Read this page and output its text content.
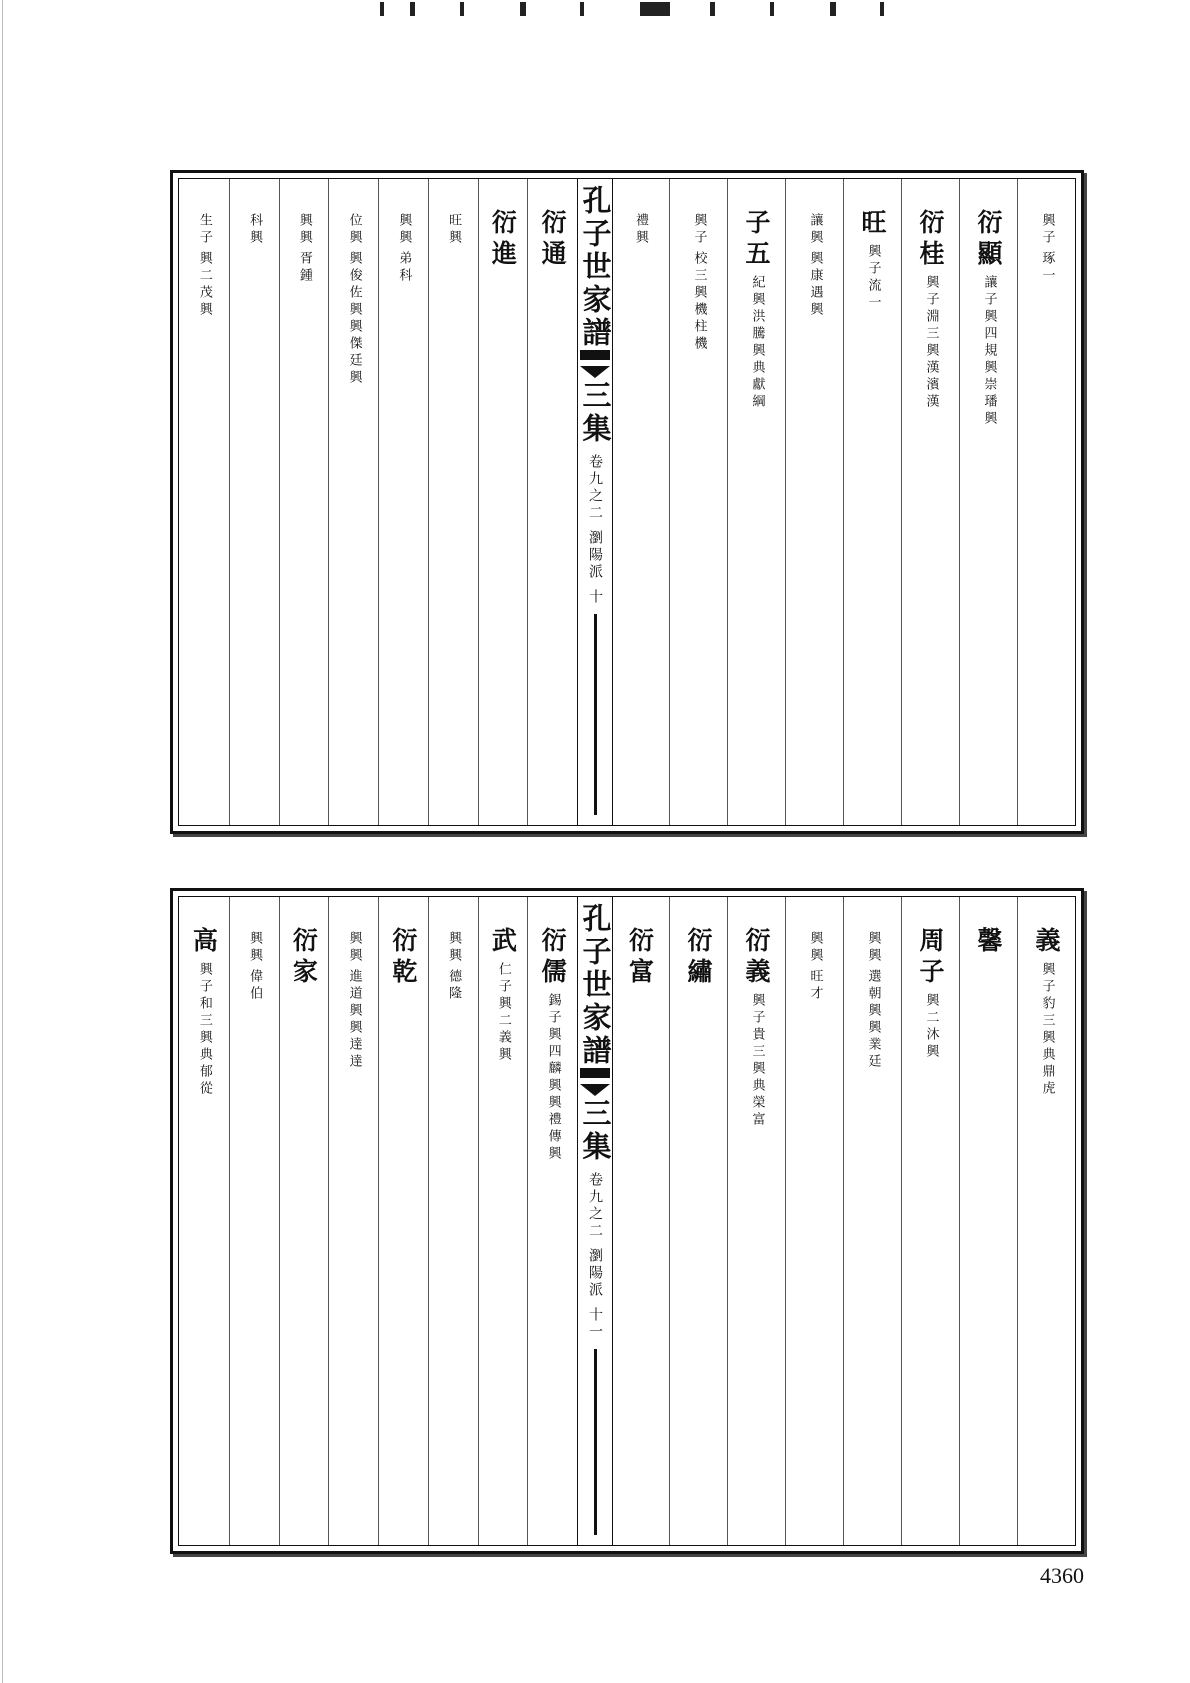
興子
琢一
衍顯
讓子興四規興崇璠興
衍桂
興子淵三興漢濱漢
旺
興子流一
讓興
興康遇興
子五
紀興洪騰興典獻綱
興子
校三興機柱機
禮興
孔子世家譜
三集
卷九之二
瀏陽派
十
衍通
衍進
旺興
興興
弟科
位興
興俊佐興興傑廷興
興興
胥鍾
科興
生子
興二茂興
義
興子豹三興典鼎虎
馨
周子
興二沐興
興興
選朝興興業廷
興興
旺才
衍義
興子貴三興典榮富
衍繡
衍富
孔子世家譜
三集
卷九之二
瀏陽派
十一
衍儒
錫子興四麟興興禮傳興
武
仁子興二義興
興興
德隆
衍乾
興興
進道興興達達
衍家
興興
偉伯
高
興子和三興典郁從
4360
